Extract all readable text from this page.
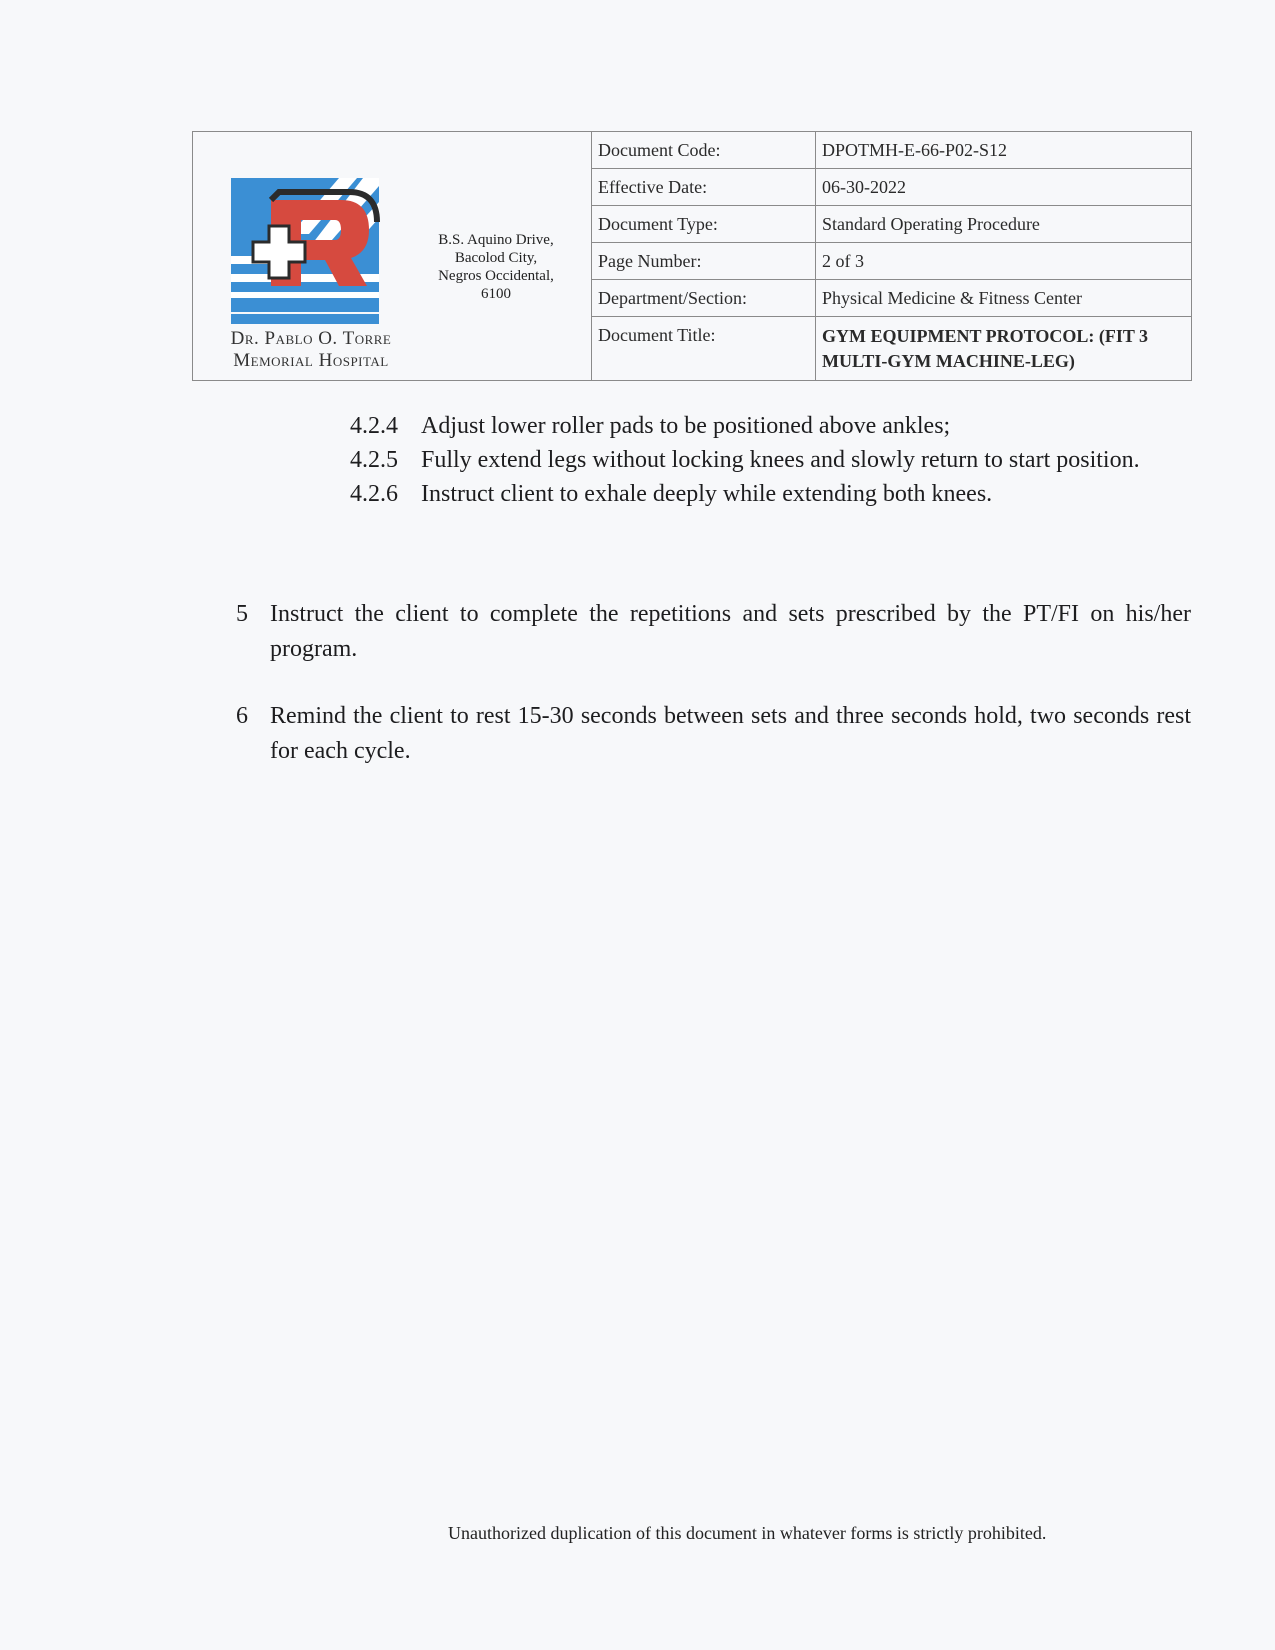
Dr. Pablo O. Torre
Memorial Hospital
B.S. Aquino Drive,
Bacolod City,
Negros Occidental,
6100
Document Code:	DPOTMH-E-66-P02-S12
Effective Date:	06-30-2022
Document Type:	Standard Operating Procedure
Page Number:	2 of 3
Department/Section:	Physical Medicine & Fitness Center
Document Title:	GYM EQUIPMENT PROTOCOL: (FIT 3 MULTI-GYM MACHINE-LEG)
4.2.4 Adjust lower roller pads to be positioned above ankles;
4.2.5 Fully extend legs without locking knees and slowly return to start position.
4.2.6 Instruct client to exhale deeply while extending both knees.
5 Instruct the client to complete the repetitions and sets prescribed by the PT/FI on his/her program.
6 Remind the client to rest 15-30 seconds between sets and three seconds hold, two seconds rest for each cycle.
Unauthorized duplication of this document in whatever forms is strictly prohibited.
